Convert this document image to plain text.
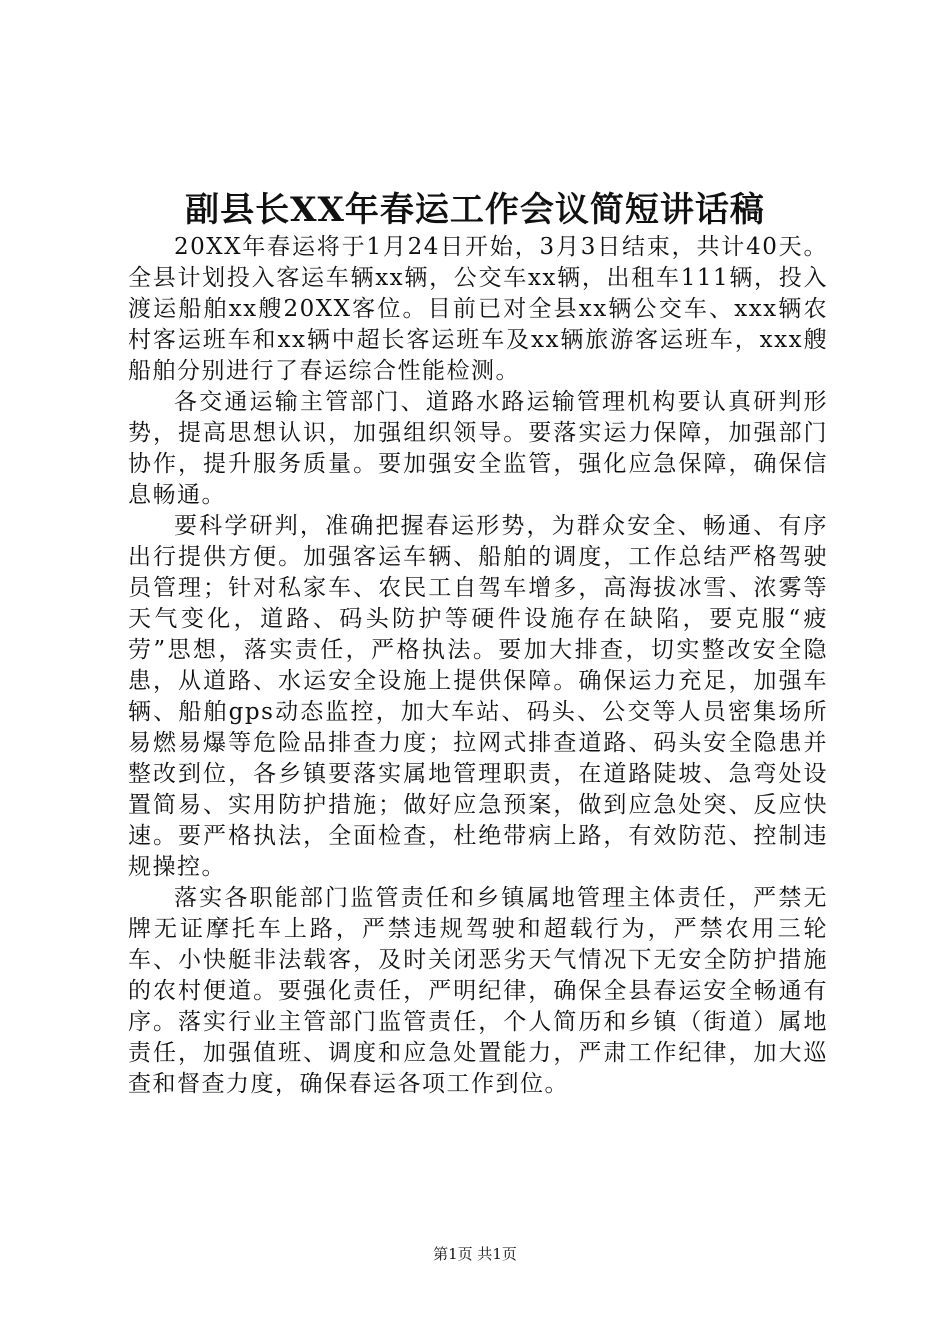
副县长XX年春运工作会议简短讲话稿

20XX年春运将于1月24日开始，3月3日结束，共计40天。全县计划投入客运车辆xx辆，公交车xx辆，出租车111辆，投入渡运船舶xx艘20XX客位。目前已对全县xx辆公交车、xxx辆农村客运班车和xx辆中超长客运班车及xx辆旅游客运班车，xxx艘船舶分别进行了春运综合性能检测。

各交通运输主管部门、道路水路运输管理机构要认真研判形势，提高思想认识，加强组织领导。要落实运力保障，加强部门协作，提升服务质量。要加强安全监管，强化应急保障，确保信息畅通。

要科学研判，准确把握春运形势，为群众安全、畅通、有序出行提供方便。加强客运车辆、船舶的调度，工作总结严格驾驶员管理；针对私家车、农民工自驾车增多，高海拔冰雪、浓雾等天气变化，道路、码头防护等硬件设施存在缺陷，要克服“疲劳”思想，落实责任，严格执法。要加大排查，切实整改安全隐患，从道路、水运安全设施上提供保障。确保运力充足，加强车辆、船舶gps动态监控，加大车站、码头、公交等人员密集场所易燃易爆等危险品排查力度；拉网式排查道路、码头安全隐患并整改到位，各乡镇要落实属地管理职责，在道路陡坡、急弯处设置简易、实用防护措施；做好应急预案，做到应急处突、反应快速。要严格执法，全面检查，杜绝带病上路，有效防范、控制违规操控。

落实各职能部门监管责任和乡镇属地管理主体责任，严禁无牌无证摩托车上路，严禁违规驾驶和超载行为，严禁农用三轮车、小快艇非法载客，及时关闭恶劣天气情况下无安全防护措施的农村便道。要强化责任，严明纪律，确保全县春运安全畅通有序。落实行业主管部门监管责任，个人简历和乡镇（街道）属地责任，加强值班、调度和应急处置能力，严肃工作纪律，加大巡查和督查力度，确保春运各项工作到位。

第1页 共1页
